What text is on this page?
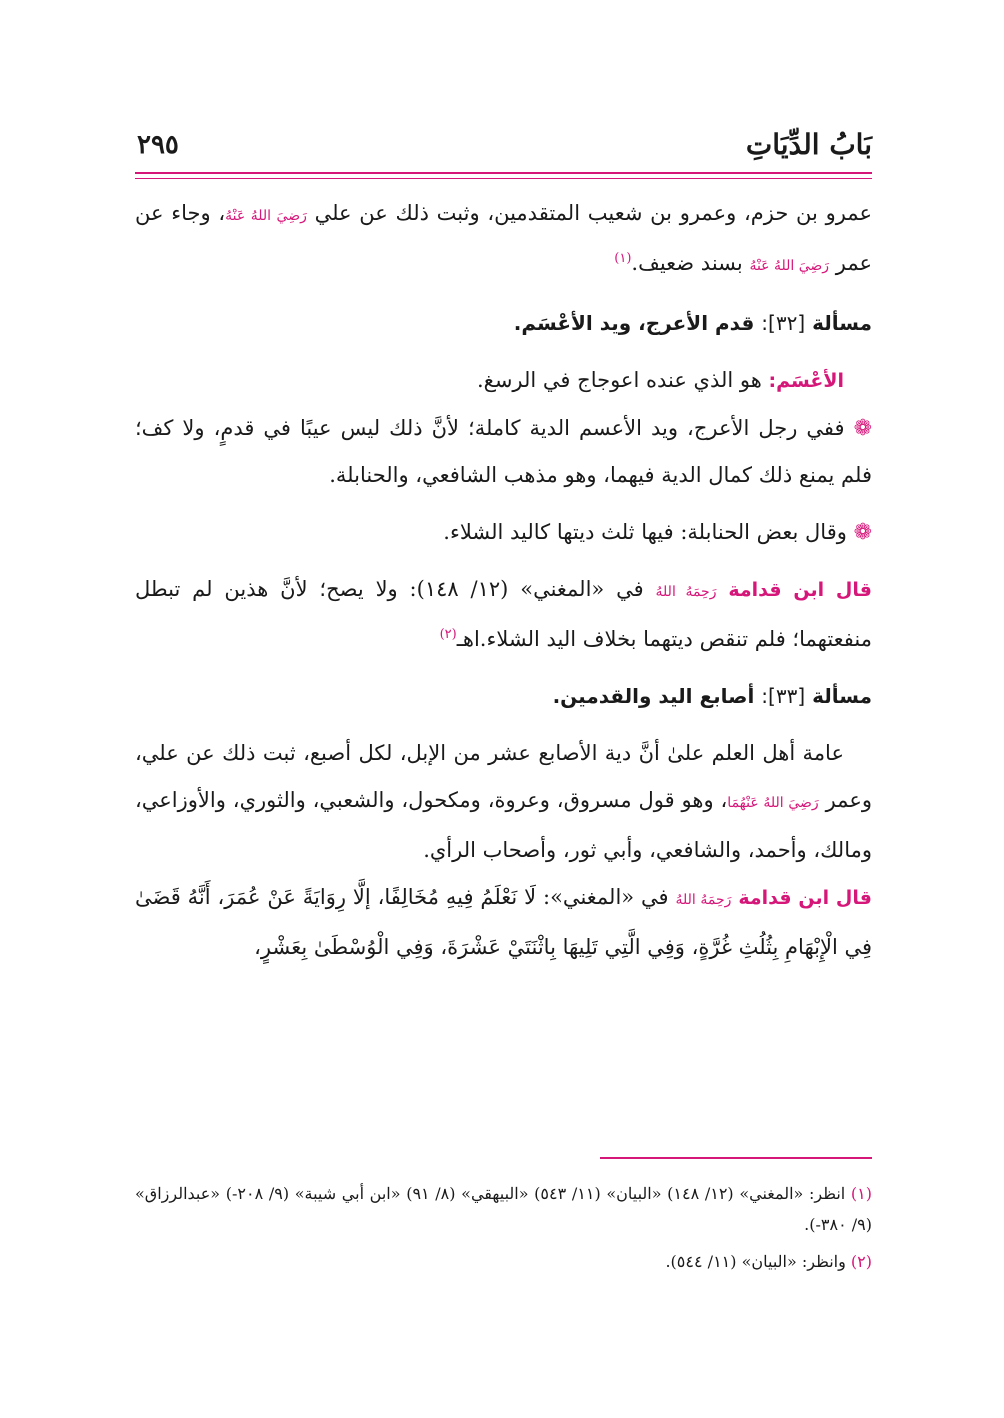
بَابُ الدِّيَاتِ
٢٩٥

عمرو بن حزم، وعمرو بن شعيب المتقدمين، وثبت ذلك عن علي رَضِيَ اللهُ عَنْهُ، وجاء عن عمر رَضِيَ اللهُ عَنْهُ بسند ضعيف.$^{(١)}$

مسألة [٣٢]: قدم الأعرج، ويد الأعْسَم.

الأعْسَم: هو الذي عنده اعوجاج في الرسغ.

❁ ففي رجل الأعرج، ويد الأعسم الدية كاملة؛ لأنَّ ذلك ليس عيبًا في قدمٍ، ولا كف؛ فلم يمنع ذلك كمال الدية فيهما، وهو مذهب الشافعي، والحنابلة.

❁ وقال بعض الحنابلة: فيها ثلث ديتها كاليد الشلاء.

قال ابن قدامة رَحِمَهُ اللهُ في «المغني» (١٢/ ١٤٨): ولا يصح؛ لأنَّ هذين لم تبطل منفعتهما؛ فلم تنقص ديتهما بخلاف اليد الشلاء.اهـ$^{(٢)}$

مسألة [٣٣]: أصابع اليد والقدمين.

عامة أهل العلم علىٰ أنَّ دية الأصابع عشر من الإبل، لكل أصبع، ثبت ذلك عن علي، وعمر رَضِيَ اللهُ عَنْهُمَا، وهو قول مسروق، وعروة، ومكحول، والشعبي، والثوري، والأوزاعي، ومالك، وأحمد، والشافعي، وأبي ثور، وأصحاب الرأي.

قال ابن قدامة رَحِمَهُ اللهُ في «المغني»: لَا نَعْلَمُ فِيهِ مُخَالِفًا، إلَّا رِوَايَةً عَنْ عُمَرَ، أَنَّهُ قَضَىٰ فِي الْإِبْهَامِ بِثُلُثِ غُرَّةٍ، وَفِي الَّتِي تَلِيهَا بِاثْنَتَيْ عَشْرَةَ، وَفِي الْوُسْطَىٰ بِعَشْرٍ،

(١) انظر: «المغني» (١٢/ ١٤٨) «البيان» (١١/ ٥٤٣) «البيهقي» (٨/ ٩١) «ابن أبي شيبة» (٩/ ٢٠٨-) «عبدالرزاق» (٩/ ٣٨٠-).

(٢) وانظر: «البيان» (١١/ ٥٤٤).
